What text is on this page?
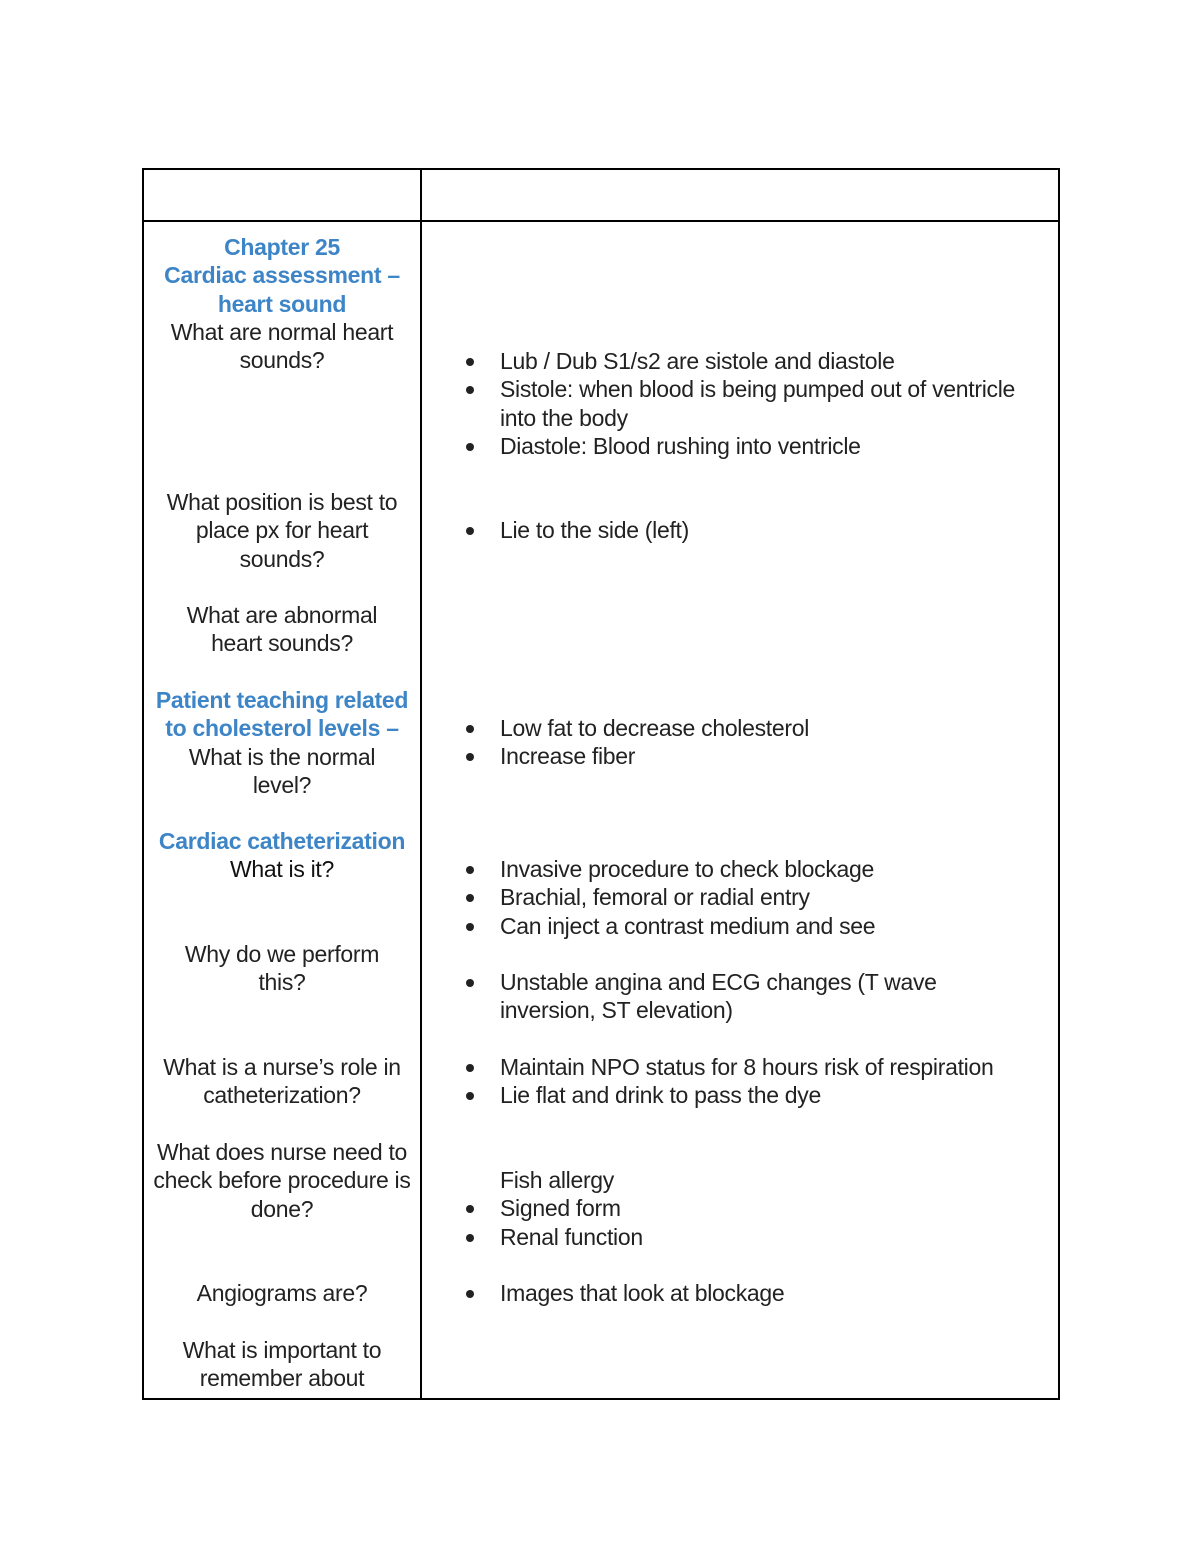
Chapter 25
Cardiac assessment –
heart sound
What are normal heart sounds?
What position is best to place px for heart sounds?
What are abnormal heart sounds?
Patient teaching related to cholesterol levels –
What is the normal level?
Cardiac catheterization
What is it?
Why do we perform this?
What is a nurse’s role in catheterization?
What does nurse need to check before procedure is done?
Angiograms are?
What is important to remember about
Lub / Dub S1/s2 are sistole and diastole
Sistole: when blood is being pumped out of ventricle into the body
Diastole: Blood rushing into ventricle
Lie to the side (left)
Low fat to decrease cholesterol
Increase fiber
Invasive procedure to check blockage
Brachial, femoral or radial entry
Can inject a contrast medium and see
Unstable angina and ECG changes (T wave inversion, ST elevation)
Maintain NPO status for 8 hours risk of respiration
Lie flat and drink to pass the dye
Fish allergy
Signed form
Renal function
Images that look at blockage
